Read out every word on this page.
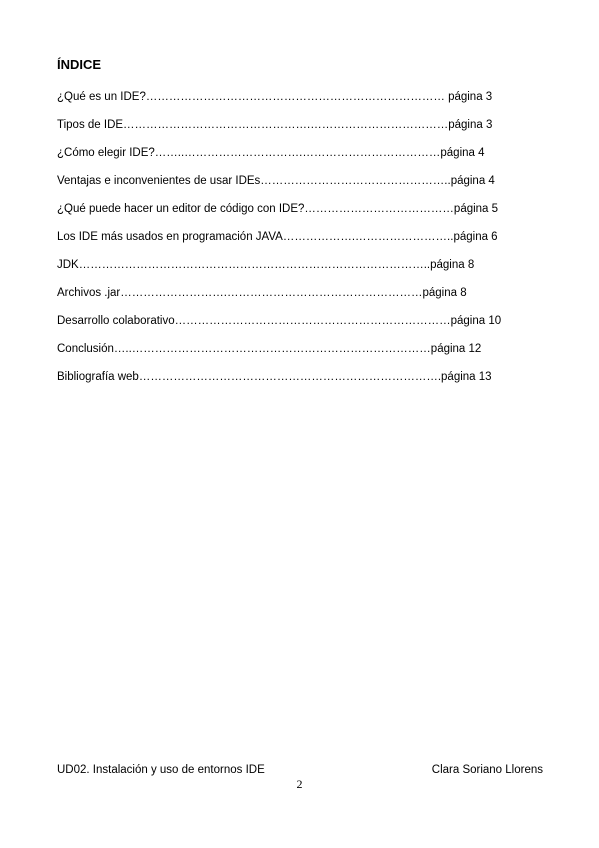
ÍNDICE
¿Qué es un IDE?…………………………………………………………………… página 3
Tipos de IDE………………………………………….………………………………página 3
¿Cómo elegir IDE?……..………………………….………………………………página 4
Ventajas e inconvenientes de usar IDEs…………………………………………..página 4
¿Qué puede hacer un editor de código con IDE?…………………………………página 5
Los IDE más usados en programación JAVA……………….……………………..página 6
JDK………………………………………………………………………………..página 8
Archivos .jar……………………….……………………………………………página 8
Desarrollo colaborativo………………………………………………………………página 10
Conclusión…..……………………………………………………………………página 12
Bibliografía web…………………………………………………………………….página 13
UD02. Instalación y uso de entornos IDE	Clara Soriano Llorens
2
